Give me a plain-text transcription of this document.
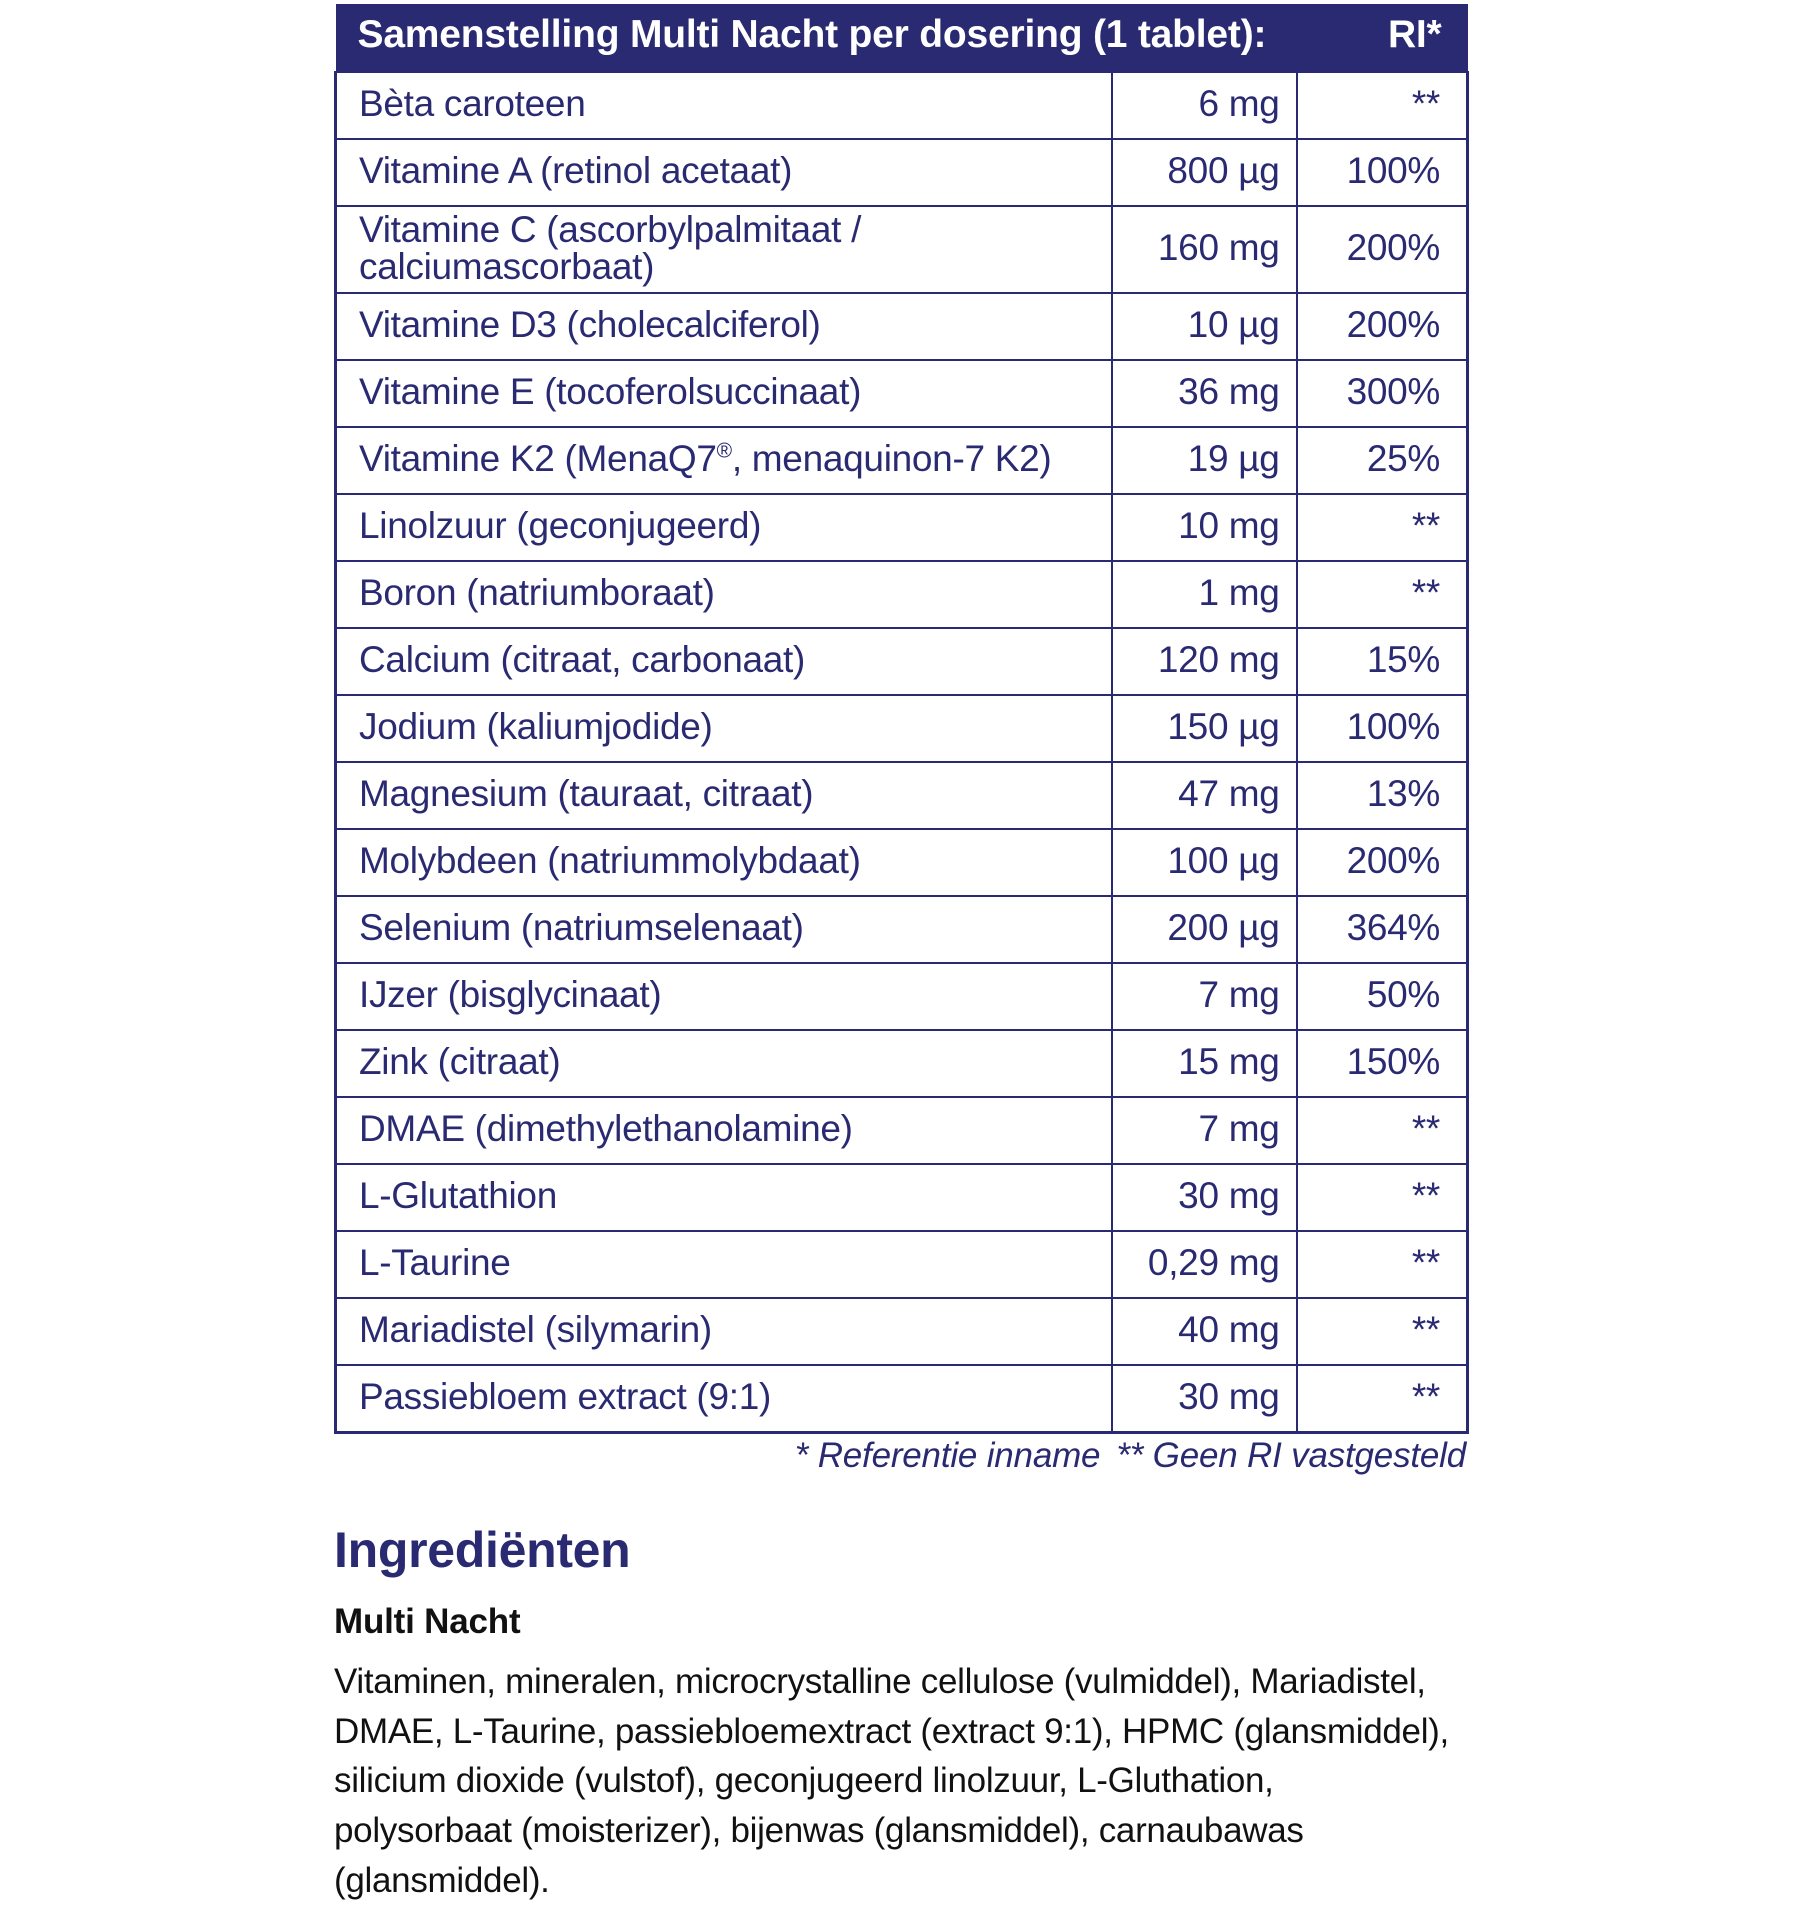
Samenstelling Multi Nacht per dosering (1 tablet):		RI*
Bèta caroteen	6 mg	**
Vitamine A (retinol acetaat)	800 µg	100%
Vitamine C (ascorbylpalmitaat / calciumascorbaat)	160 mg	200%
Vitamine D3 (cholecalciferol)	10 µg	200%
Vitamine E (tocoferolsuccinaat)	36 mg	300%
Vitamine K2 (MenaQ7®, menaquinon-7 K2)	19 µg	25%
Linolzuur (geconjugeerd)	10 mg	**
Boron (natriumboraat)	1 mg	**
Calcium (citraat, carbonaat)	120 mg	15%
Jodium (kaliumjodide)	150 µg	100%
Magnesium (tauraat, citraat)	47 mg	13%
Molybdeen (natriummolybdaat)	100 µg	200%
Selenium (natriumselenaat)	200 µg	364%
IJzer (bisglycinaat)	7 mg	50%
Zink (citraat)	15 mg	150%
DMAE (dimethylethanolamine)	7 mg	**
L-Glutathion	30 mg	**
L-Taurine	0,29 mg	**
Mariadistel (silymarin)	40 mg	**
Passiebloem extract (9:1)	30 mg	**
* Referentie inname ** Geen RI vastgesteld
Ingrediënten
Multi Nacht

Vitaminen, mineralen, microcrystalline cellulose (vulmiddel), Mariadistel, DMAE, L-Taurine, passiebloemextract (extract 9:1), HPMC (glansmiddel), silicium dioxide (vulstof), geconjugeerd linolzuur, L-Gluthation, polysorbaat (moisterizer), bijenwas (glansmiddel), carnaubawas (glansmiddel).
